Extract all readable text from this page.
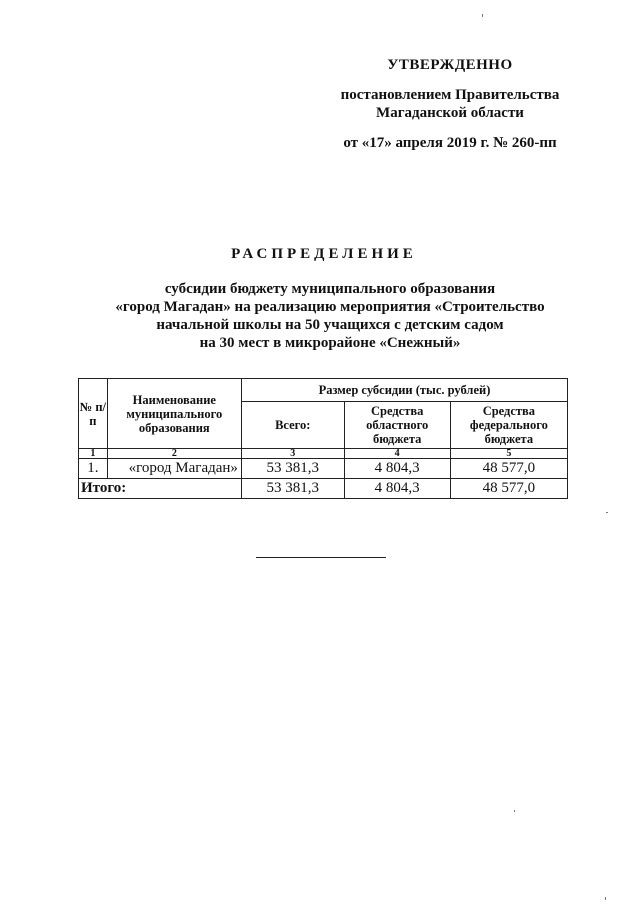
УТВЕРЖДЕННО
постановлением Правительства
Магаданской области
от «17» апреля 2019 г. № 260-пп
РАСПРЕДЕЛЕНИЕ
субсидии бюджету муниципального образования
«город Магадан» на реализацию мероприятия «Строительство
начальной школы на 50 учащихся с детским садом
на 30 мест в микрорайоне «Снежный»
№ п/п	Наименование муниципального образования	Размер субсидии (тыс. рублей)		
		Всего:	Средства областного бюджета	Средства федерального бюджета
1	2	3	4	5
1.	«город Магадан»	53 381,3	4 804,3	48 577,0
Итого:		53 381,3	4 804,3	48 577,0
